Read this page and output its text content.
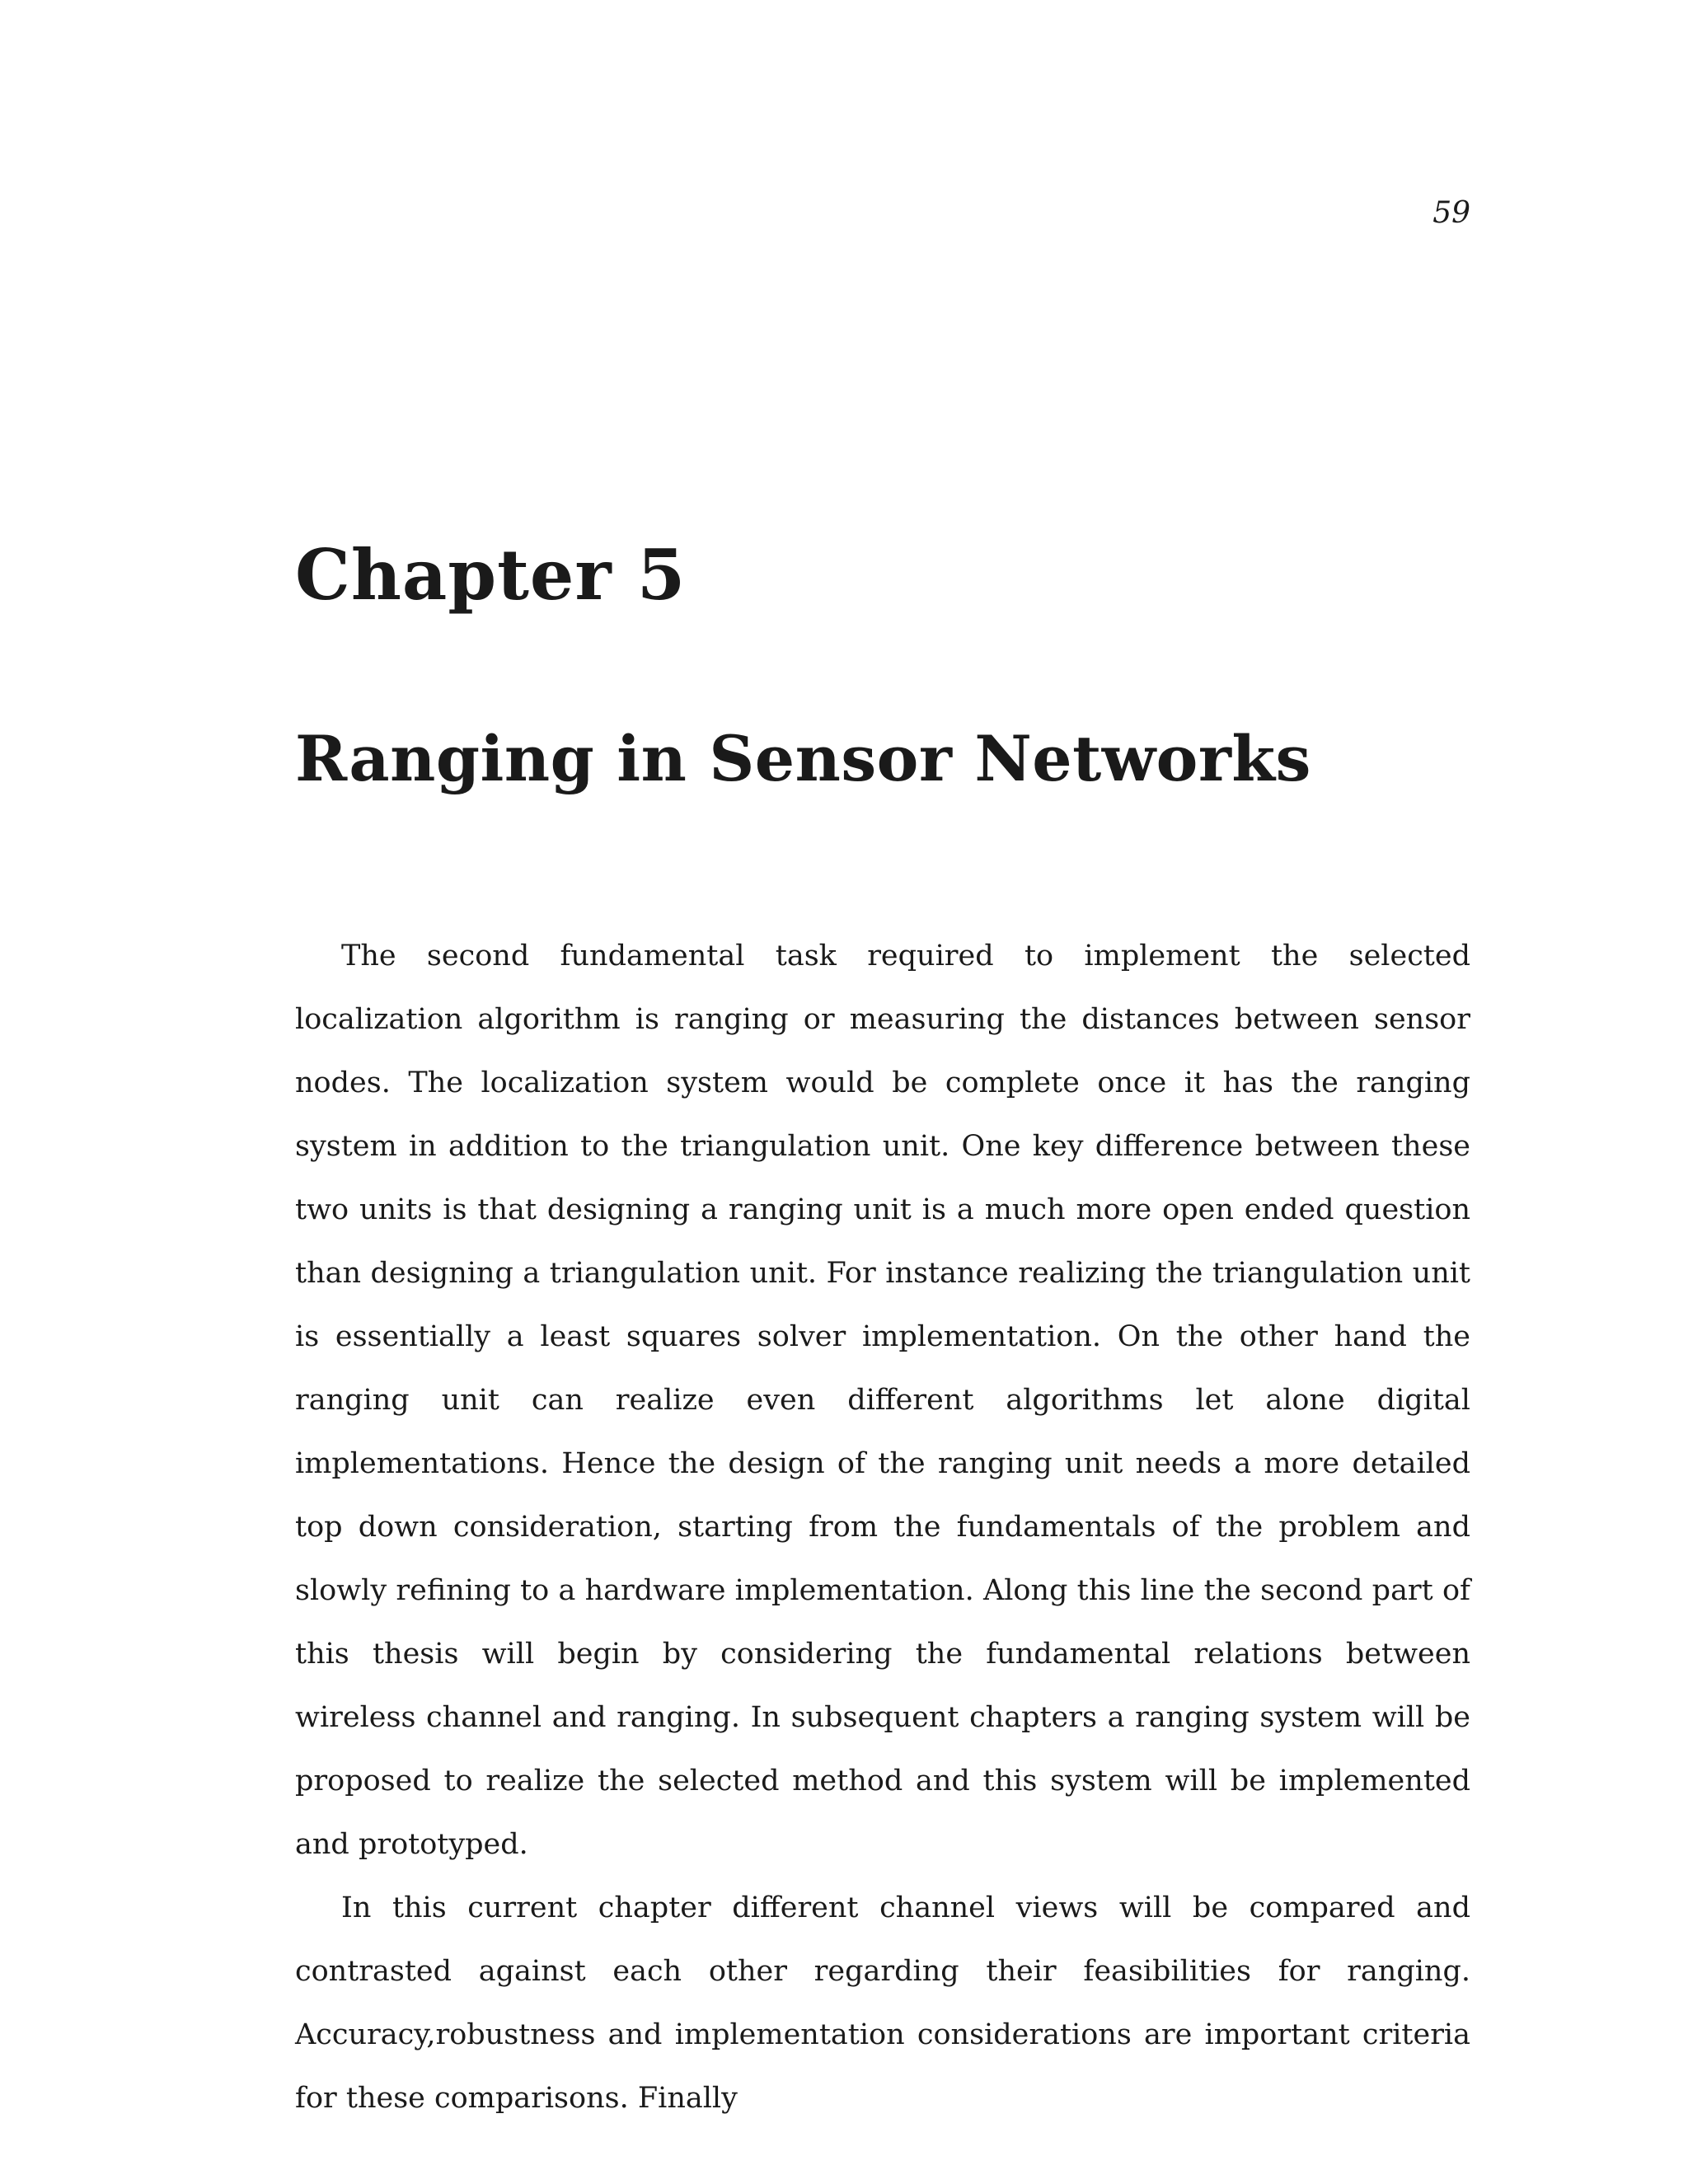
59
Chapter 5
Ranging in Sensor Networks

The second fundamental task required to implement the selected localization algorithm is ranging or measuring the distances between sensor nodes. The localization system would be complete once it has the ranging system in addition to the triangulation unit. One key difference between these two units is that designing a ranging unit is a much more open ended question than designing a triangulation unit. For instance realizing the triangulation unit is essentially a least squares solver implementation. On the other hand the ranging unit can realize even different algorithms let alone digital implementations. Hence the design of the ranging unit needs a more detailed top down consideration, starting from the fundamentals of the problem and slowly refining to a hardware implementation. Along this line the second part of this thesis will begin by considering the fundamental relations between wireless channel and ranging. In subsequent chapters a ranging system will be proposed to realize the selected method and this system will be implemented and prototyped.

In this current chapter different channel views will be compared and contrasted against each other regarding their feasibilities for ranging. Accuracy,robustness and implementation considerations are important criteria for these comparisons. Finally
